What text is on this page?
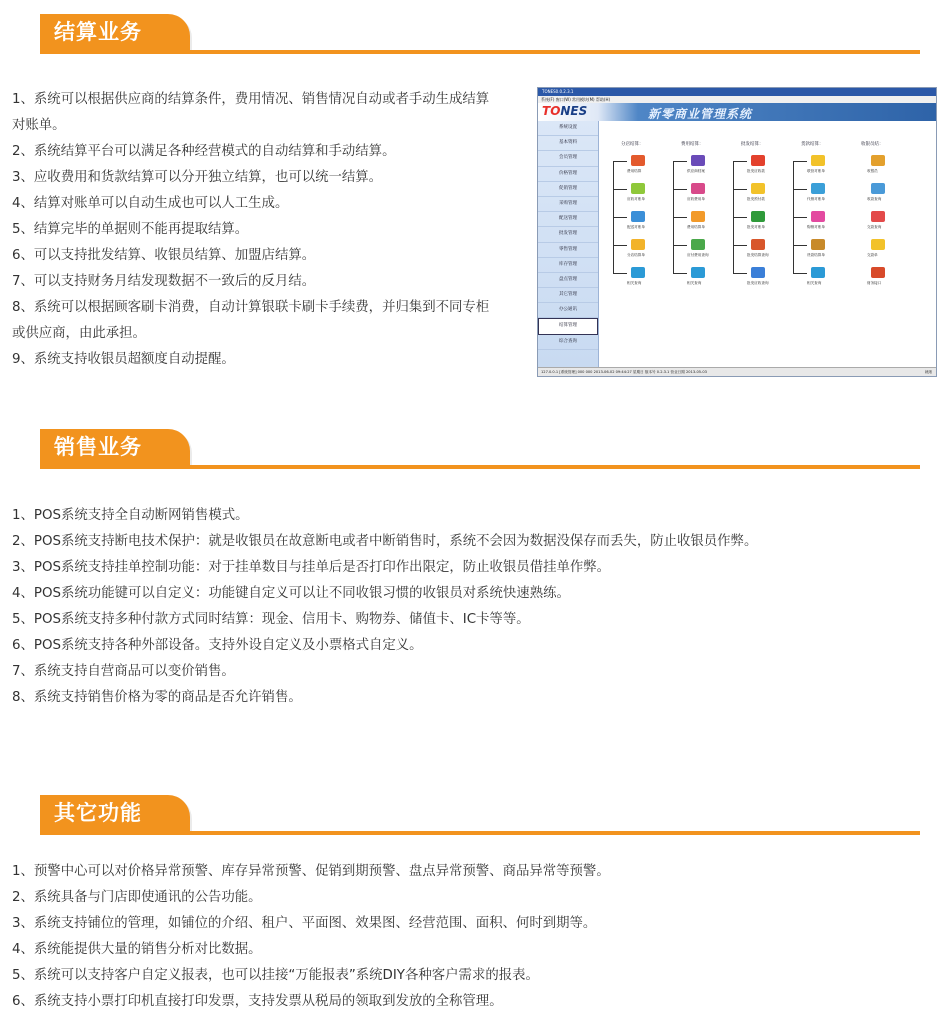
结算业务
1、系统可以根据供应商的结算条件，费用情况、销售情况自动或者手动生成结算对账单。
2、系统结算平台可以满足各种经营模式的自动结算和手动结算。
3、应收费用和货款结算可以分开独立结算，也可以统一结算。
4、结算对账单可以自动生成也可以人工生成。
5、结算完毕的单据则不能再提取结算。
6、可以支持批发结算、收银员结算、加盟店结算。
7、可以支持财务月结发现数据不一致后的反月结。
8、系统可以根据顾客刷卡消费，自动计算银联卡刷卡手续费，并归集到不同专柜或供应商，由此承担。
9、系统支持收银员超额度自动提醒。
TONES0.0.2.3.1
系统(F) 窗口(W) 常用模块(M) 帮助(H)
TONES	新零商业管理系统
系统设置
基本资料
会员管理
价格管理
促销管理
采购管理
配送管理
批发管理
零售管理
库存管理
盘点管理
其它管理
办公通讯
结算管理
综合查询
分店结算：
费用结算
应收对账单
配送对账单
分店结算单
相关查询
费用结算：
供应商档案
应收费用单
费用结算单
应付费用查询
相关查询
批发结算：
批发应收款
批发预付款
批发对账单
批发结算查询
批发应收查询
货款结算：
联营对账单
代销对账单
购销对账单
货款结算单
相关查询
收银员结：
收银员
收款查询
交款查询
交款单
财务接口
127.0.0.1 [系统管理] 000 000 2013-06-02 09:44:27 星期日 版本号 0.2.3.1 营业日期 2013-05-03	就绪
销售业务
1、POS系统支持全自动断网销售模式。
2、POS系统支持断电技术保护：就是收银员在故意断电或者中断销售时，系统不会因为数据没保存而丢失，防止收银员作弊。
3、POS系统支持挂单控制功能：对于挂单数目与挂单后是否打印作出限定，防止收银员借挂单作弊。
4、POS系统功能键可以自定义：功能键自定义可以让不同收银习惯的收银员对系统快速熟练。
5、POS系统支持多种付款方式同时结算：现金、信用卡、购物券、储值卡、IC卡等等。
6、POS系统支持各种外部设备。支持外设自定义及小票格式自定义。
7、系统支持自营商品可以变价销售。
8、系统支持销售价格为零的商品是否允许销售。
其它功能
1、预警中心可以对价格异常预警、库存异常预警、促销到期预警、盘点异常预警、商品异常等预警。
2、系统具备与门店即使通讯的公告功能。
3、系统支持铺位的管理，如铺位的介绍、租户、平面图、效果图、经营范围、面积、何时到期等。
4、系统能提供大量的销售分析对比数据。
5、系统可以支持客户自定义报表，也可以挂接“万能报表”系统DIY各种客户需求的报表。
6、系统支持小票打印机直接打印发票，支持发票从税局的领取到发放的全称管理。
